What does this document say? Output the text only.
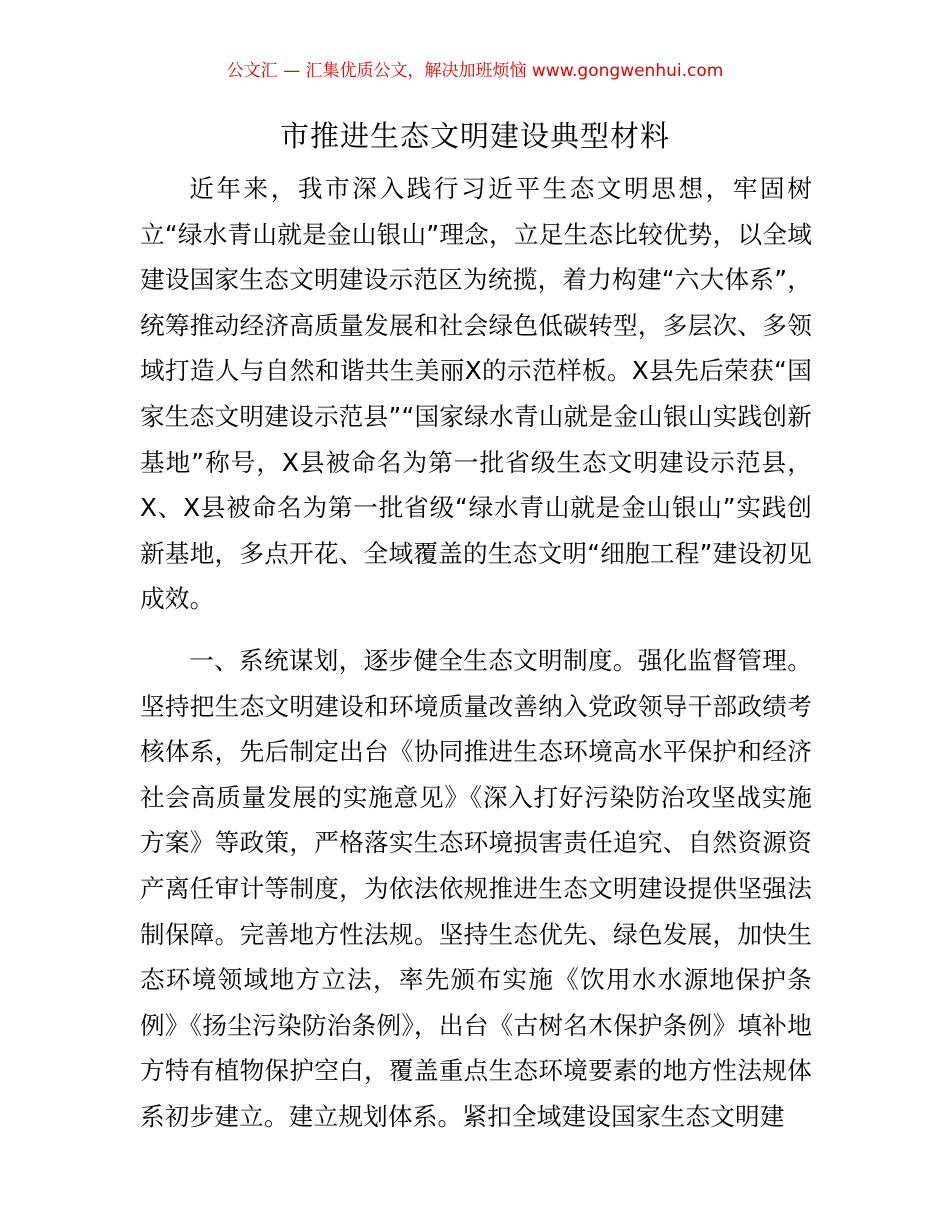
公文汇 — 汇集优质公文，解决加班烦恼 www.gongwenhui.com
市推进生态文明建设典型材料

近年来，我市深入践行习近平生态文明思想，牢固树立“绿水青山就是金山银山”理念，立足生态比较优势，以全域建设国家生态文明建设示范区为统揽，着力构建“六大体系”，统筹推动经济高质量发展和社会绿色低碳转型，多层次、多领域打造人与自然和谐共生美丽X的示范样板。X县先后荣获“国家生态文明建设示范县”“国家绿水青山就是金山银山实践创新基地”称号，X县被命名为第一批省级生态文明建设示范县，X、X县被命名为第一批省级“绿水青山就是金山银山”实践创新基地，多点开花、全域覆盖的生态文明“细胞工程”建设初见成效。

一、系统谋划，逐步健全生态文明制度。强化监督管理。坚持把生态文明建设和环境质量改善纳入党政领导干部政绩考核体系，先后制定出台《协同推进生态环境高水平保护和经济社会高质量发展的实施意见》《深入打好污染防治攻坚战实施方案》等政策，严格落实生态环境损害责任追究、自然资源资产离任审计等制度，为依法依规推进生态文明建设提供坚强法制保障。完善地方性法规。坚持生态优先、绿色发展，加快生态环境领域地方立法，率先颁布实施《饮用水水源地保护条例》《扬尘污染防治条例》，出台《古树名木保护条例》填补地方特有植物保护空白，覆盖重点生态环境要素的地方性法规体系初步建立。建立规划体系。紧扣全域建设国家生态文明建
